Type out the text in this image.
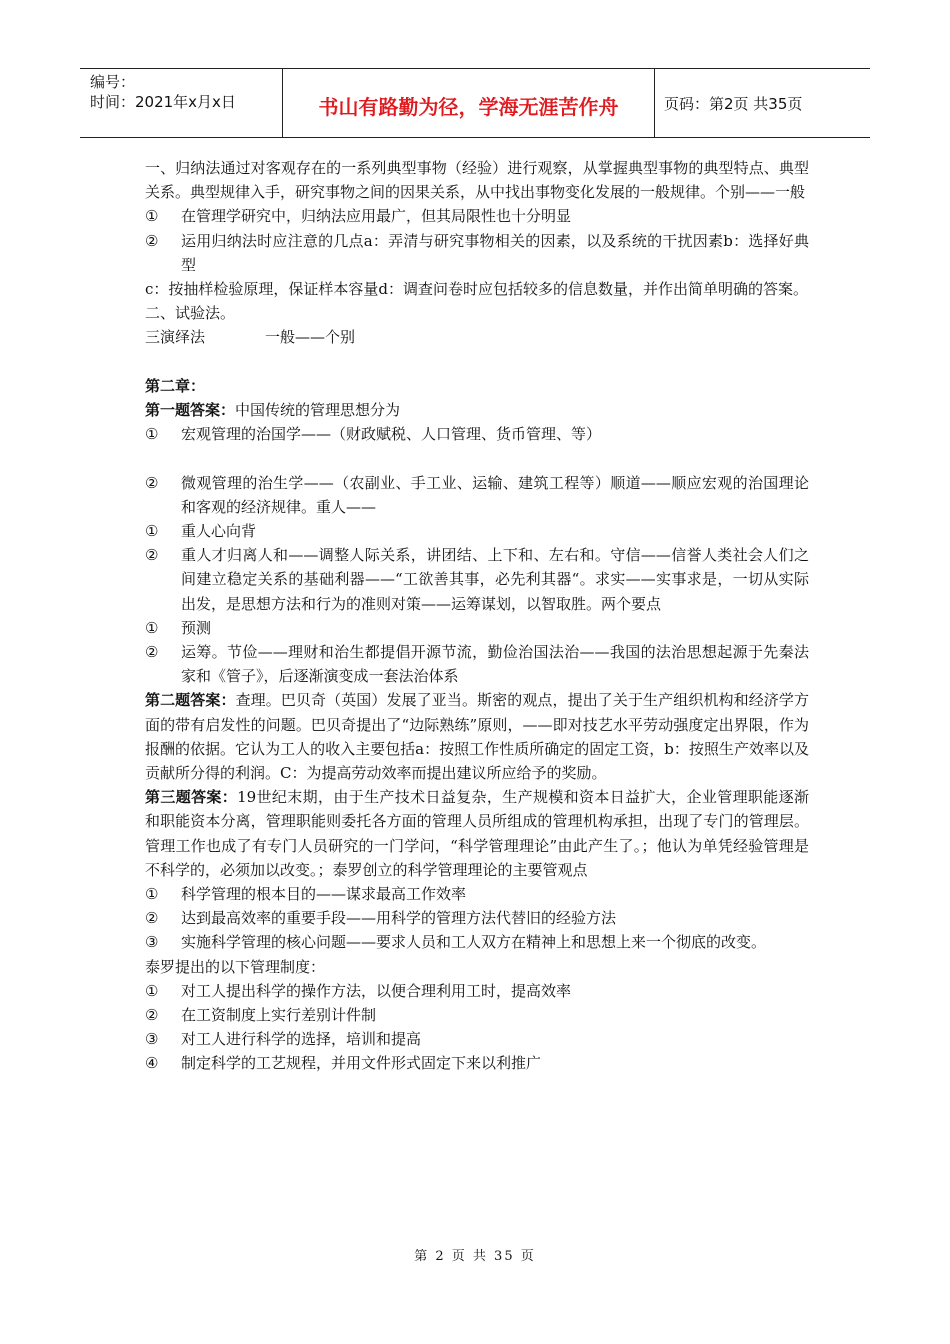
编号：
时间：2021年x月x日	书山有路勤为径，学海无涯苦作舟	页码：第2页 共35页

一、归纳法通过对客观存在的一系列典型事物（经验）进行观察，从掌握典型事物的典型特点、典型关系。典型规律入手，研究事物之间的因果关系，从中找出事物变化发展的一般规律。个别——一般

①	在管理学研究中，归纳法应用最广，但其局限性也十分明显
②	运用归纳法时应注意的几点a：弄清与研究事物相关的因素，以及系统的干扰因素b：选择好典型

c：按抽样检验原理，保证样本容量d：调查问卷时应包括较多的信息数量，并作出简单明确的答案。

二、试验法。

三演绎法	一般——个别

第二章：

第一题答案：中国传统的管理思想分为

①	宏观管理的治国学——（财政赋税、人口管理、货币管理、等）
②	微观管理的治生学——（农副业、手工业、运输、建筑工程等）顺道——顺应宏观的治国理论和客观的经济规律。重人——
①	重人心向背
②	重人才归离人和——调整人际关系，讲团结、上下和、左右和。守信——信誉人类社会人们之间建立稳定关系的基础利器——“工欲善其事，必先利其器“。求实——实事求是，一切从实际出发，是思想方法和行为的准则对策——运筹谋划，以智取胜。两个要点
①	预测
②	运筹。节俭——理财和治生都提倡开源节流，勤俭治国法治——我国的法治思想起源于先秦法家和《管子》，后逐渐演变成一套法治体系

第二题答案：查理。巴贝奇（英国）发展了亚当。斯密的观点，提出了关于生产组织机构和经济学方面的带有启发性的问题。巴贝奇提出了“边际熟练”原则，——即对技艺水平劳动强度定出界限，作为报酬的依据。它认为工人的收入主要包括a：按照工作性质所确定的固定工资，b：按照生产效率以及贡献所分得的利润。C：为提高劳动效率而提出建议所应给予的奖励。

第三题答案：19世纪末期，由于生产技术日益复杂，生产规模和资本日益扩大，企业管理职能逐渐和职能资本分离，管理职能则委托各方面的管理人员所组成的管理机构承担，出现了专门的管理层。管理工作也成了有专门人员研究的一门学问，“科学管理理论”由此产生了。；他认为单凭经验管理是不科学的，必须加以改变。；泰罗创立的科学管理理论的主要管观点

①	科学管理的根本目的——谋求最高工作效率
②	达到最高效率的重要手段——用科学的管理方法代替旧的经验方法
③	实施科学管理的核心问题——要求人员和工人双方在精神上和思想上来一个彻底的改变。

泰罗提出的以下管理制度：

①	对工人提出科学的操作方法，以便合理利用工时，提高效率
②	在工资制度上实行差别计件制
③	对工人进行科学的选择，培训和提高
④	制定科学的工艺规程，并用文件形式固定下来以利推广
第 2 页 共 35 页
